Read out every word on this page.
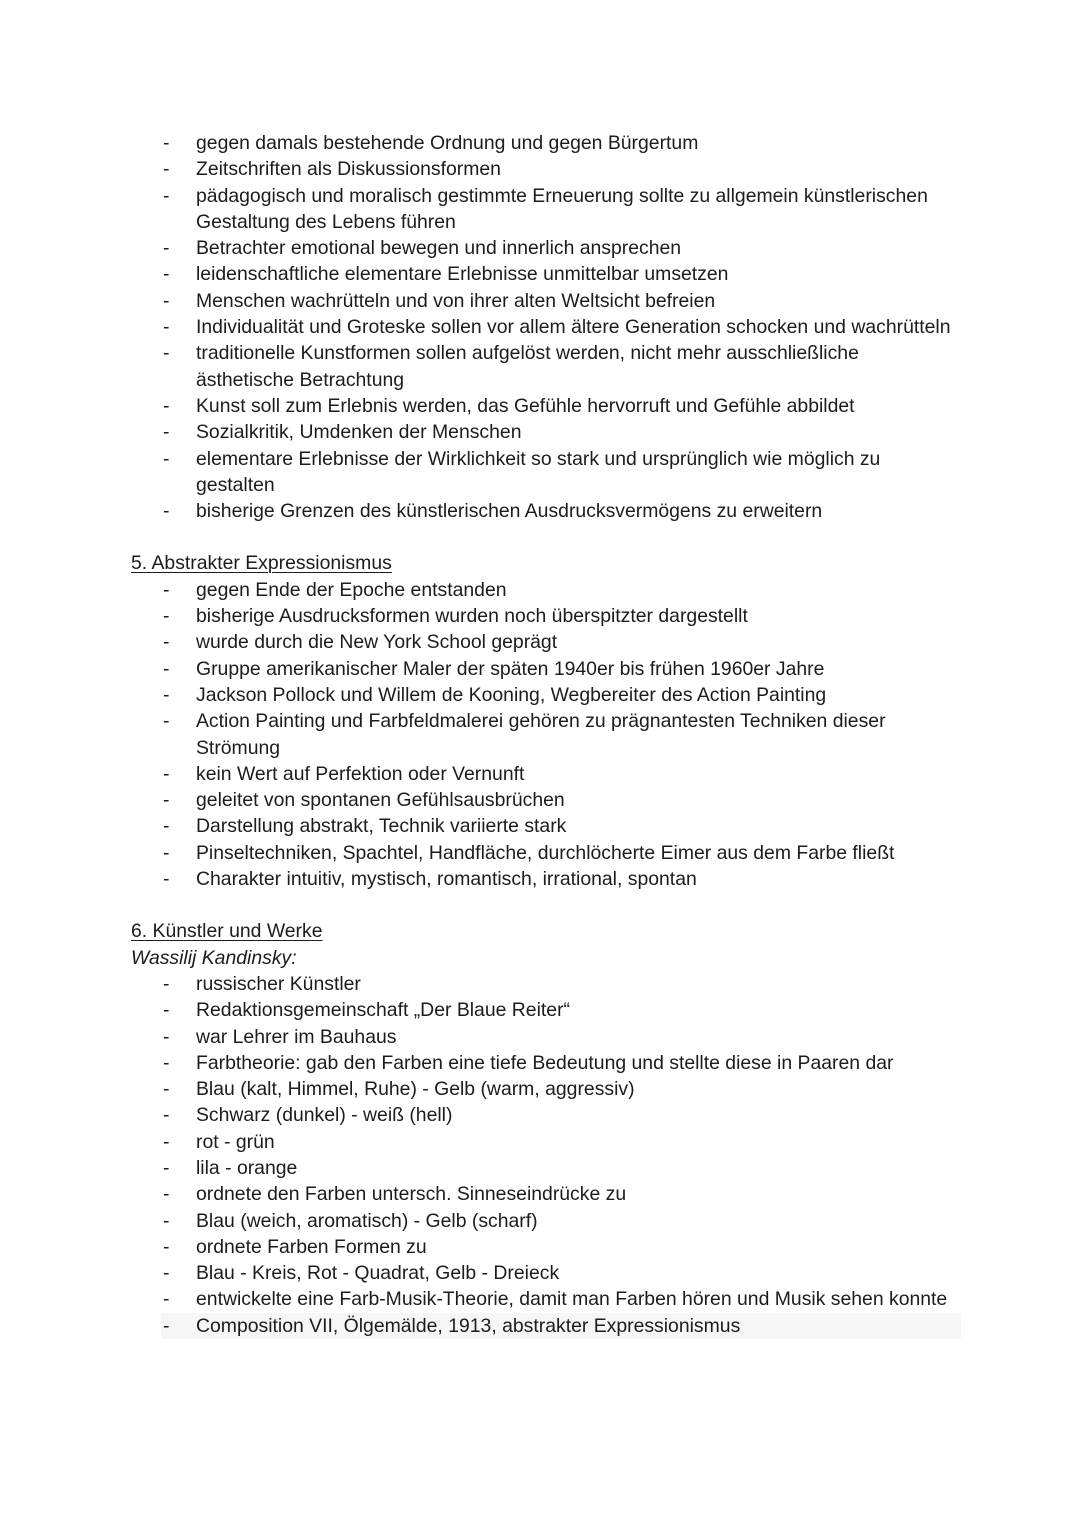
- gegen damals bestehende Ordnung und gegen Bürgertum
- Zeitschriften als Diskussionsformen
- pädagogisch und moralisch gestimmte Erneuerung sollte zu allgemein künstlerischen Gestaltung des Lebens führen
- Betrachter emotional bewegen und innerlich ansprechen
- leidenschaftliche elementare Erlebnisse unmittelbar umsetzen
- Menschen wachrütteln und von ihrer alten Weltsicht befreien
- Individualität und Groteske sollen vor allem ältere Generation schocken und wachrütteln
- traditionelle Kunstformen sollen aufgelöst werden, nicht mehr ausschließliche ästhetische Betrachtung
- Kunst soll zum Erlebnis werden, das Gefühle hervorruft und Gefühle abbildet
- Sozialkritik, Umdenken der Menschen
- elementare Erlebnisse der Wirklichkeit so stark und ursprünglich wie möglich zu gestalten
- bisherige Grenzen des künstlerischen Ausdrucksvermögens zu erweitern

5. Abstrakter Expressionismus

- gegen Ende der Epoche entstanden
- bisherige Ausdrucksformen wurden noch überspitzter dargestellt
- wurde durch die New York School geprägt
- Gruppe amerikanischer Maler der späten 1940er bis frühen 1960er Jahre
- Jackson Pollock und Willem de Kooning, Wegbereiter des Action Painting
- Action Painting und Farbfeldmalerei gehören zu prägnantesten Techniken dieser Strömung
- kein Wert auf Perfektion oder Vernunft
- geleitet von spontanen Gefühlsausbrüchen
- Darstellung abstrakt, Technik variierte stark
- Pinseltechniken, Spachtel, Handfläche, durchlöcherte Eimer aus dem Farbe fließt
- Charakter intuitiv, mystisch, romantisch, irrational, spontan

6. Künstler und Werke

Wassilij Kandinsky:

- russischer Künstler
- Redaktionsgemeinschaft „Der Blaue Reiter“
- war Lehrer im Bauhaus
- Farbtheorie: gab den Farben eine tiefe Bedeutung und stellte diese in Paaren dar
- Blau (kalt, Himmel, Ruhe) - Gelb (warm, aggressiv)
- Schwarz (dunkel) - weiß (hell)
- rot - grün
- lila - orange
- ordnete den Farben untersch. Sinneseindrücke zu
- Blau (weich, aromatisch) - Gelb (scharf)
- ordnete Farben Formen zu
- Blau - Kreis, Rot - Quadrat, Gelb - Dreieck
- entwickelte eine Farb-Musik-Theorie, damit man Farben hören und Musik sehen konnte
- Composition VII, Ölgemälde, 1913, abstrakter Expressionismus
